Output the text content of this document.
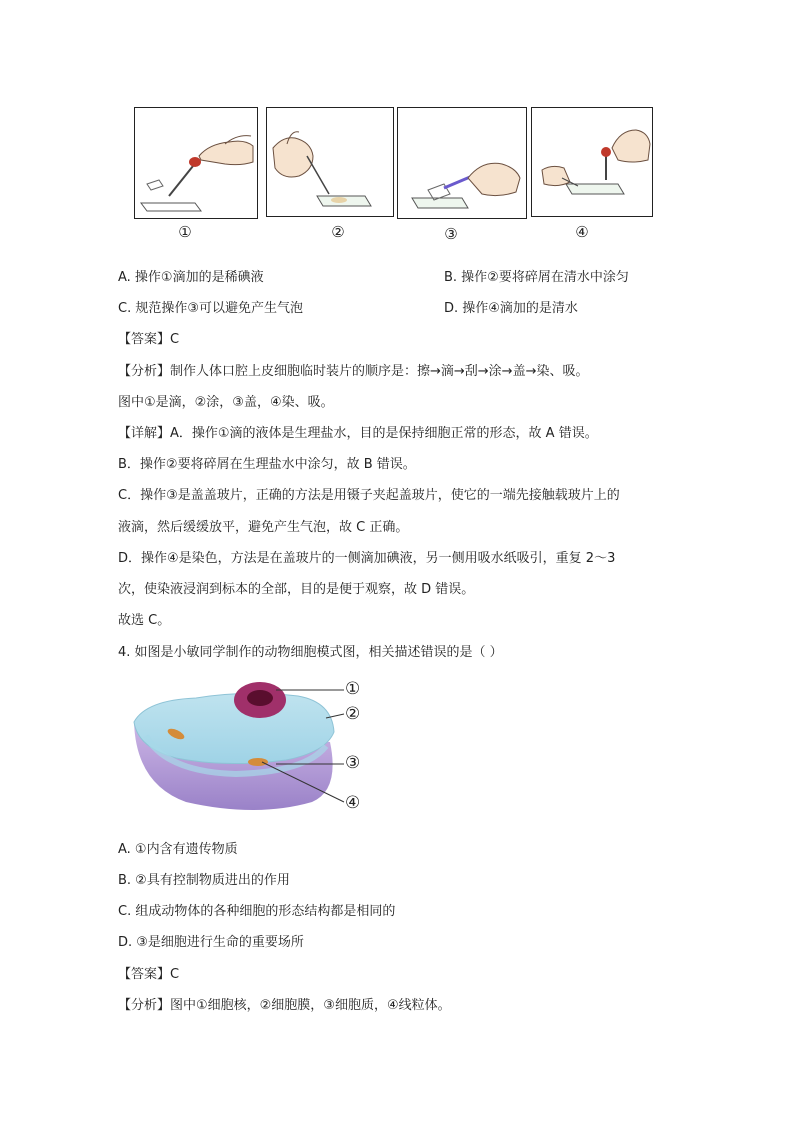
①	②	③	④
A. 操作①滴加的是稀碘液	B. 操作②要将碎屑在清水中涂匀
C. 规范操作③可以避免产生气泡	D. 操作④滴加的是清水
【答案】C
【分析】制作人体口腔上皮细胞临时装片的顺序是：擦→滴→刮→涂→盖→染、吸。
图中①是滴，②涂，③盖，④染、吸。
【详解】A．操作①滴的液体是生理盐水，目的是保持细胞正常的形态，故 A 错误。
B．操作②要将碎屑在生理盐水中涂匀，故 B 错误。
C．操作③是盖盖玻片，正确的方法是用镊子夹起盖玻片，使它的一端先接触载玻片上的
液滴，然后缓缓放平，避免产生气泡，故 C 正确。
D．操作④是染色，方法是在盖玻片的一侧滴加碘液，另一侧用吸水纸吸引，重复 2～3
次，使染液浸润到标本的全部，目的是便于观察，故 D 错误。
故选 C。
4. 如图是小敏同学制作的动物细胞模式图，相关描述错误的是（ ）
①
②
③
④
A. ①内含有遗传物质
B. ②具有控制物质进出的作用
C. 组成动物体的各种细胞的形态结构都是相同的
D. ③是细胞进行生命的重要场所
【答案】C
【分析】图中①细胞核，②细胞膜，③细胞质，④线粒体。
